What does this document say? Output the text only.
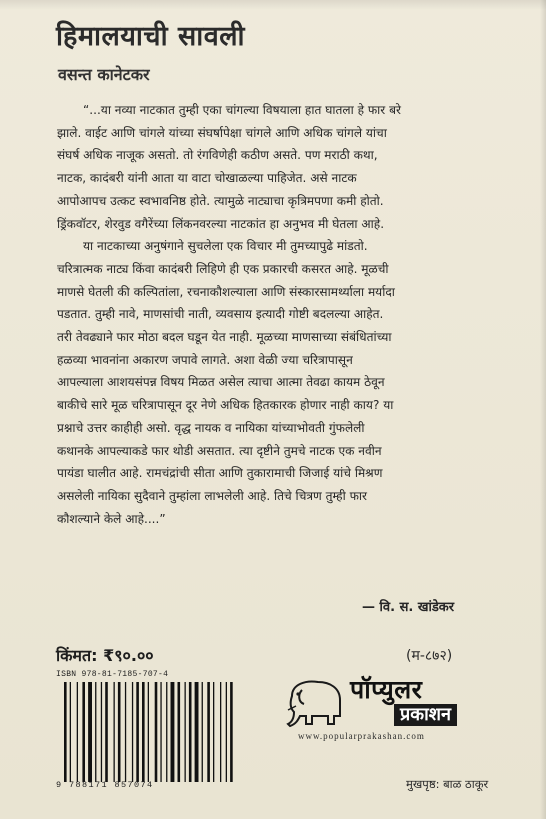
हिमालयाची सावली
वसन्त कानेटकर
“...या नव्या नाटकात तुम्ही एका चांगल्या विषयाला हात घातला हे फार बरे
झाले. वाईट आणि चांगले यांच्या संघर्षापेक्षा चांगले आणि अधिक चांगले यांचा
संघर्ष अधिक नाजूक असतो. तो रंगविणेही कठीण असते. पण मराठी कथा,
नाटक, कादंबरी यांनी आता या वाटा चोखाळल्या पाहिजेत. असे नाटक
आपोआपच उत्कट स्वभावनिष्ठ होते. त्यामुळे नाट्याचा कृत्रिमपणा कमी होतो.
ड्रिंकवॉटर, शेरवुड वगैरेंच्या लिंकनवरल्या नाटकांत हा अनुभव मी घेतला आहे.
या नाटकाच्या अनुषंगाने सुचलेला एक विचार मी तुमच्यापुढे मांडतो.
चरित्रात्मक नाट्य किंवा कादंबरी लिहिणे ही एक प्रकारची कसरत आहे. मूळची
माणसे घेतली की कल्पितांला, रचनाकौशल्याला आणि संस्कारसामर्थ्याला मर्यादा
पडतात. तुम्ही नावे, माणसांची नाती, व्यवसाय इत्यादी गोष्टी बदलल्या आहेत.
तरी तेवढ्याने फार मोठा बदल घडून येत नाही. मूळच्या माणसाच्या संबंधितांच्या
हळव्या भावनांना अकारण जपावे लागते. अशा वेळी ज्या चरित्रापासून
आपल्याला आशयसंपन्न विषय मिळत असेल त्याचा आत्मा तेवढा कायम ठेवून
बाकीचे सारे मूळ चरित्रापासून दूर नेणे अधिक हितकारक होणार नाही काय? या
प्रश्नाचे उत्तर काहीही असो. वृद्ध नायक व नायिका यांच्याभोवती गुंफलेली
कथानके आपल्याकडे फार थोडी असतात. त्या दृष्टीने तुमचे नाटक एक नवीन
पायंडा घालीत आहे. रामचंद्रांची सीता आणि तुकारामाची जिजाई यांचे मिश्रण
असलेली नायिका सुदैवाने तुम्हांला लाभलेली आहे. तिचे चित्रण तुम्ही फार
कौशल्याने केले आहे....”
— वि. स. खांडेकर
किंमत: ₹९०.००	(म-८७२)
ISBN 978-81-7185-707-4
9 788171 857074
पॉप्युलर
प्रकाशन
www.popularprakashan.com
मुखपृष्ठ: बाळ ठाकूर
